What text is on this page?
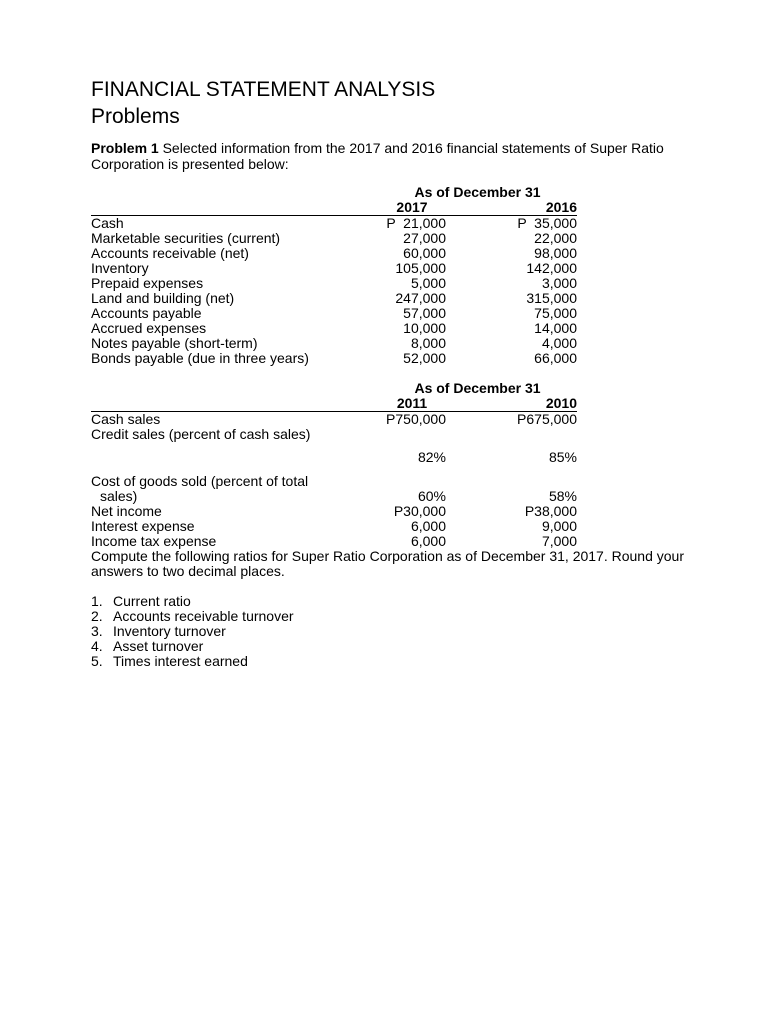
FINANCIAL STATEMENT ANALYSIS
Problems

Problem 1 Selected information from the 2017 and 2016 financial statements of Super Ratio Corporation is presented below:

	As of December 31		
	2017		2016
Cash	P  21,000		P  35,000
Marketable securities (current)	27,000		22,000
Accounts receivable (net)	60,000		98,000
Inventory	105,000		142,000
Prepaid expenses	5,000		3,000
Land and building (net)	247,000		315,000
Accounts payable	57,000		75,000
Accrued expenses	10,000		14,000
Notes payable (short-term)	8,000		4,000
Bonds payable (due in three years)	52,000		66,000
	As of December 31		
	2011		2010
Cash sales	P750,000		P675,000
Credit sales (percent of cash sales)			
	82%		85%
Cost of goods sold (percent of total			
sales)	60%		58%
Net income	P30,000		P38,000
Interest expense	6,000		9,000
Income tax expense	6,000		7,000

Compute the following ratios for Super Ratio Corporation as of December 31, 2017. Round your answers to two decimal places.

1. Current ratio
2. Accounts receivable turnover
3. Inventory turnover
4. Asset turnover
5. Times interest earned
